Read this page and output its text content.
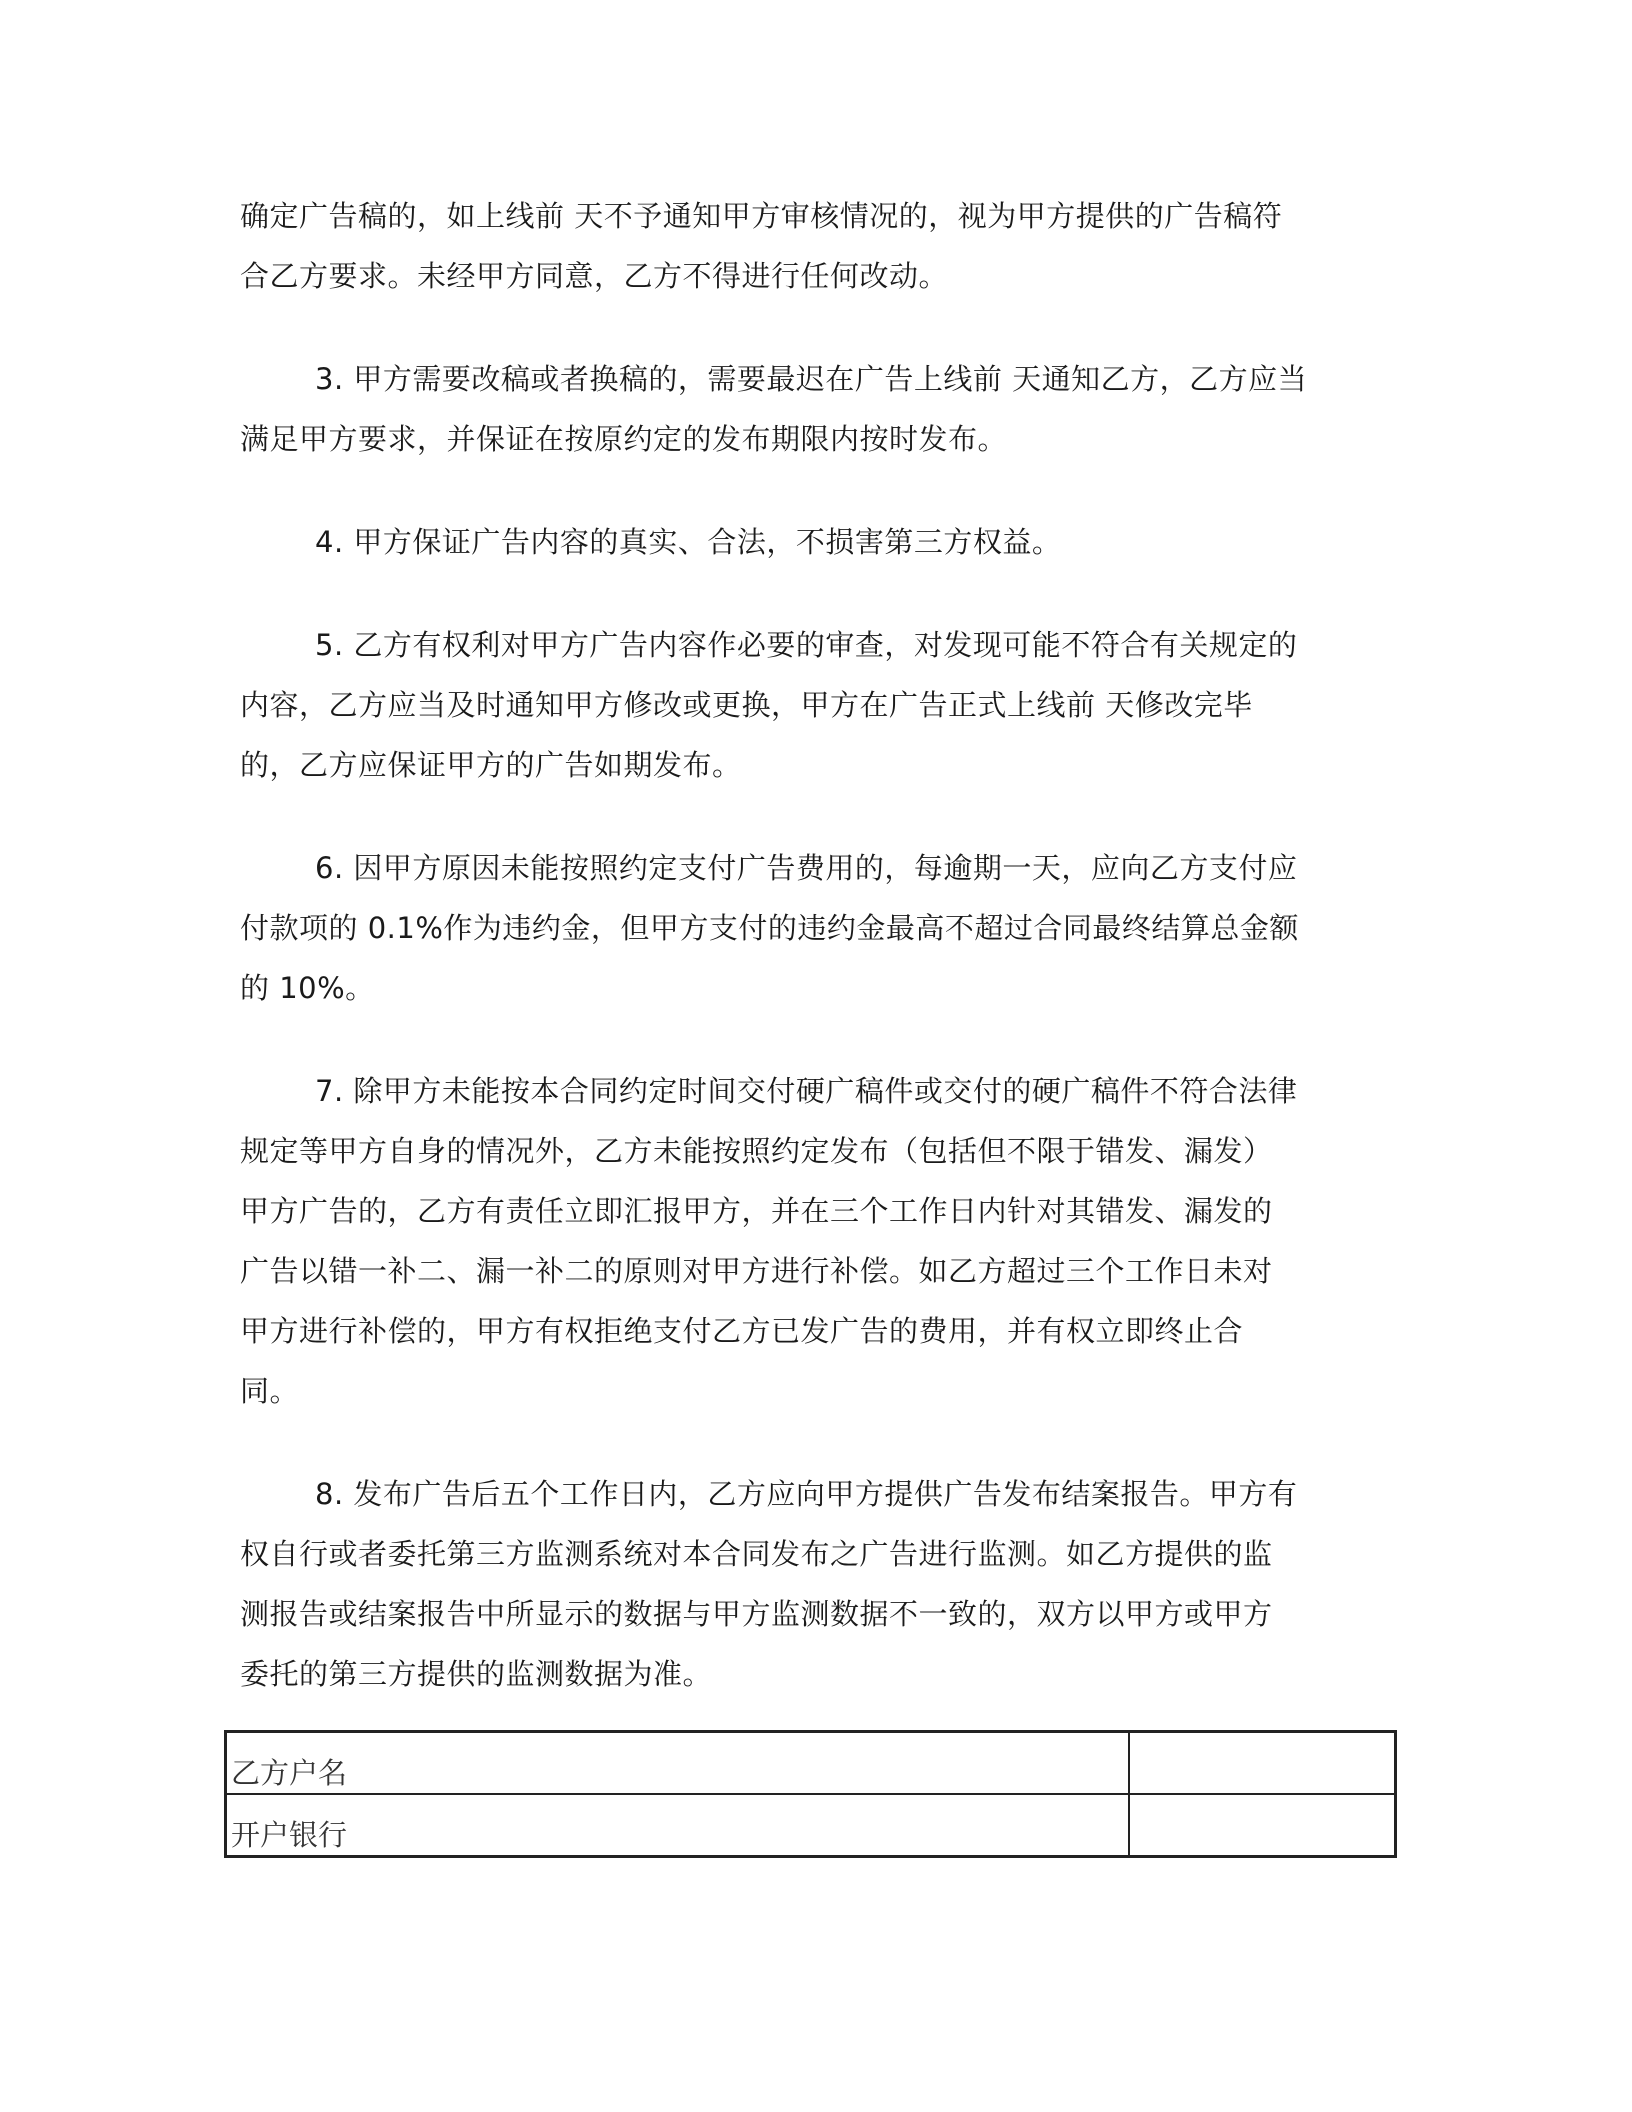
确定广告稿的，如上线前 天不予通知甲方审核情况的，视为甲方提供的广告稿符
合乙方要求。未经甲方同意，乙方不得进行任何改动。

3. 甲方需要改稿或者换稿的，需要最迟在广告上线前 天通知乙方，乙方应当
满足甲方要求，并保证在按原约定的发布期限内按时发布。

4. 甲方保证广告内容的真实、合法，不损害第三方权益。

5. 乙方有权利对甲方广告内容作必要的审查，对发现可能不符合有关规定的
内容，乙方应当及时通知甲方修改或更换，甲方在广告正式上线前 天修改完毕
的，乙方应保证甲方的广告如期发布。

6. 因甲方原因未能按照约定支付广告费用的，每逾期一天，应向乙方支付应
付款项的 0.1%作为违约金，但甲方支付的违约金最高不超过合同最终结算总金额
的 10%。

7. 除甲方未能按本合同约定时间交付硬广稿件或交付的硬广稿件不符合法律
规定等甲方自身的情况外，乙方未能按照约定发布（包括但不限于错发、漏发）
甲方广告的，乙方有责任立即汇报甲方，并在三个工作日内针对其错发、漏发的
广告以错一补二、漏一补二的原则对甲方进行补偿。如乙方超过三个工作日未对
甲方进行补偿的，甲方有权拒绝支付乙方已发广告的费用，并有权立即终止合
同。

8. 发布广告后五个工作日内，乙方应向甲方提供广告发布结案报告。甲方有
权自行或者委托第三方监测系统对本合同发布之广告进行监测。如乙方提供的监
测报告或结案报告中所显示的数据与甲方监测数据不一致的，双方以甲方或甲方
委托的第三方提供的监测数据为准。

乙方户名	
开户银行	
